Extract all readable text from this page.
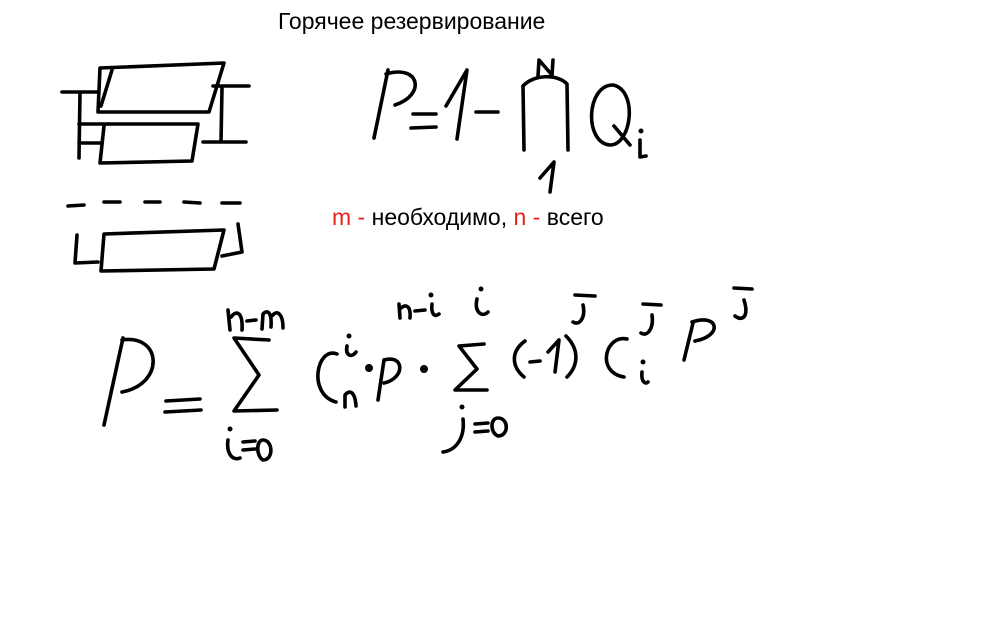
Горячее резервирование
m - необходимо, n - всего
